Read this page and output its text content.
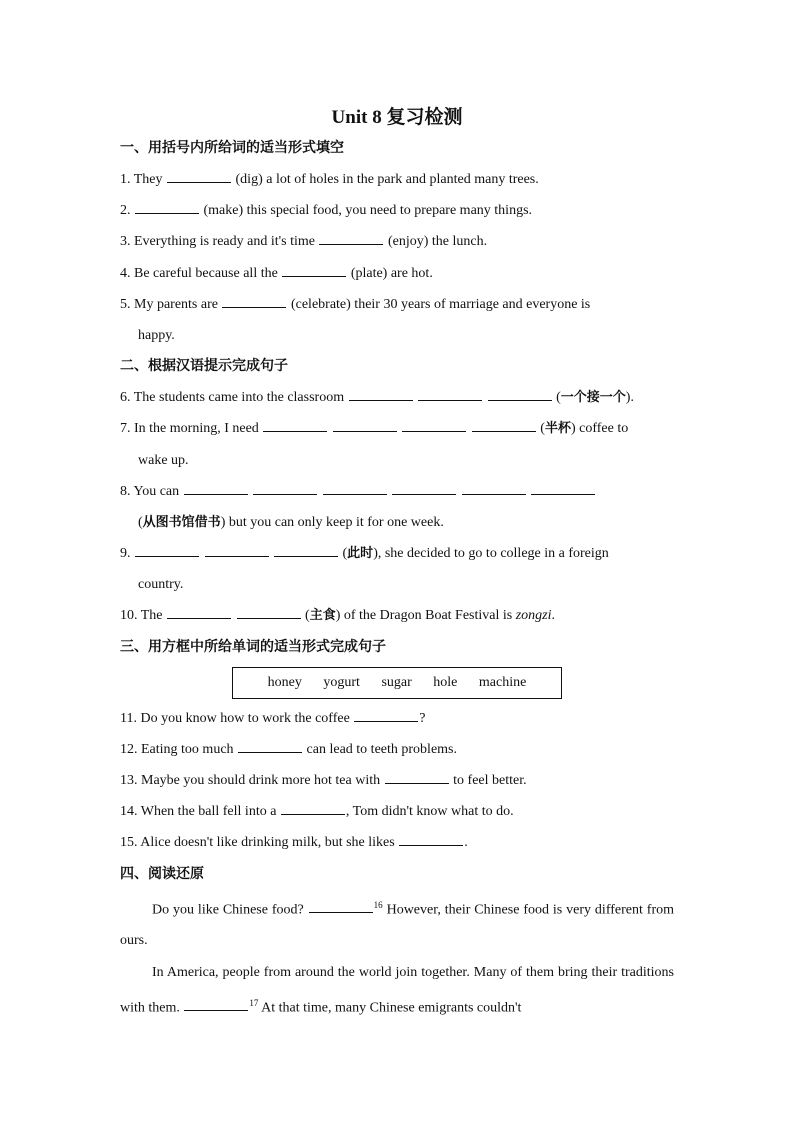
Unit 8 复习检测
一、用括号内所给词的适当形式填空
1. They	(dig) a lot of holes in the park and planted many trees.
2.	(make) this special food, you need to prepare many things.
3. Everything is ready and it's time	(enjoy) the lunch.
4. Be careful because all the	(plate) are hot.
5. My parents are	(celebrate) their 30 years of marriage and everyone is
happy.
二、根据汉语提示完成句子
6. The students came into the classroom	(一个接一个).
7. In the morning, I need	(半杯) coffee to
wake up.
8. You can
(从图书馆借书) but you can only keep it for one week.
9.	(此时), she decided to go to college in a foreign
country.
10. The	(主食) of the Dragon Boat Festival is zongzi.
三、用方框中所给单词的适当形式完成句子
honey yogurt sugar hole machine
11. Do you know how to work the coffee	?
12. Eating too much	can lead to teeth problems.
13. Maybe you should drink more hot tea with	to feel better.
14. When the ball fell into a	, Tom didn't know what to do.
15. Alice doesn't like drinking milk, but she likes	.
四、阅读还原
Do you like Chinese food?	$^{16}$ However, their Chinese food is very different from ours.
In America, people from around the world join together. Many of them bring their traditions with them.	$^{17}$ At that time, many Chinese emigrants couldn't
